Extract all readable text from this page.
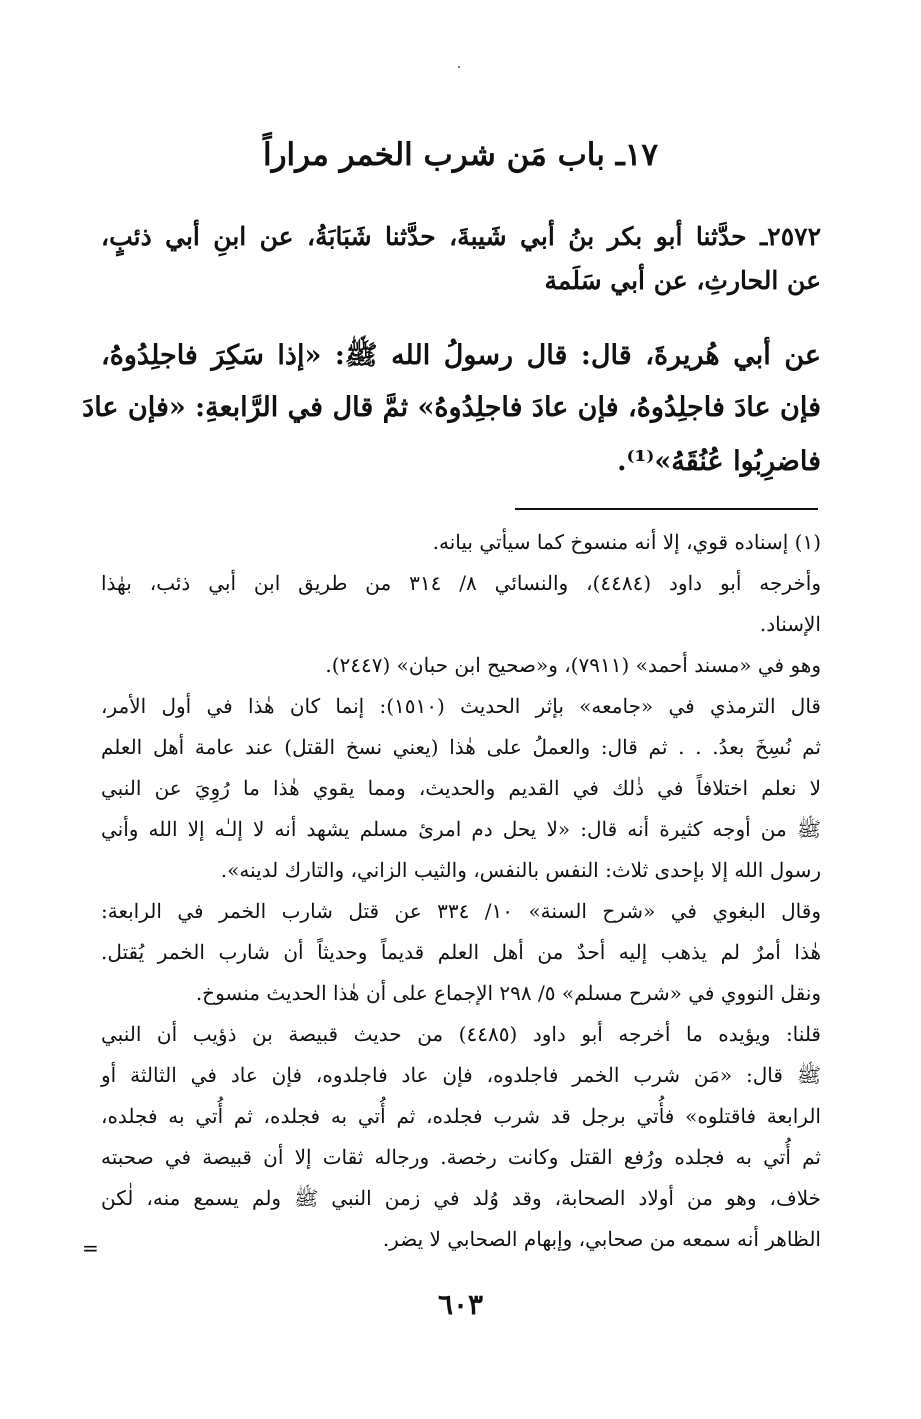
١٧ـ باب مَن شرب الخمر مراراً

٢٥٧٢ـ حدَّثنا أبو بكر بنُ أبي شَيبةَ، حدَّثنا شَبَابَةُ، عن ابنِ أبي ذئبٍ،

عن الحارثِ، عن أبي سَلَمة

عن أبي هُريرةَ، قال: قال رسولُ الله ﷺ: «إذا سَكِرَ فاجلِدُوهُ،

فإن عادَ فاجلِدُوهُ، فإن عادَ فاجلِدُوهُ» ثمَّ قال في الرَّابعةِ: «فإن عادَ

فاضرِبُوا عُنُقَهُ»⁽¹⁾.

(١) إسناده قوي، إلا أنه منسوخ كما سيأتي بيانه.

وأخرجه أبو داود (٤٤٨٤)، والنسائي ٨/ ٣١٤ من طريق ابن أبي ذئب، بهٰذا

الإسناد.

وهو في «مسند أحمد» (٧٩١١)، و«صحيح ابن حبان» (٢٤٤٧).

قال الترمذي في «جامعه» بإثر الحديث (١٥١٠): إنما كان هٰذا في أول الأمر،

ثم نُسِخَ بعدُ. . . ثم قال: والعملُ على هٰذا (يعني نسخ القتل) عند عامة أهل العلم

لا نعلم اختلافاً في ذٰلك في القديم والحديث، ومما يقوي هٰذا ما رُوِيَ عن النبي

ﷺ من أوجه كثيرة أنه قال: «لا يحل دم امرئ مسلم يشهد أنه لا إلـٰه إلا الله وأني

رسول الله إلا بإحدى ثلاث: النفس بالنفس، والثيب الزاني، والتارك لدينه».

وقال البغوي في «شرح السنة» ١٠/ ٣٣٤ عن قتل شارب الخمر في الرابعة:

هٰذا أمرٌ لم يذهب إليه أحدٌ من أهل العلم قديماً وحديثاً أن شارب الخمر يُقتل.

ونقل النووي في «شرح مسلم» ٥/ ٢٩٨ الإجماع على أن هٰذا الحديث منسوخ.

قلنا: ويؤيده ما أخرجه أبو داود (٤٤٨٥) من حديث قبيصة بن ذؤيب أن النبي

ﷺ قال: «مَن شرب الخمر فاجلدوه، فإن عاد فاجلدوه، فإن عاد في الثالثة أو

الرابعة فاقتلوه» فأُتي برجل قد شرب فجلده، ثم أُتي به فجلده، ثم أُتي به فجلده،

ثم أُتي به فجلده ورُفع القتل وكانت رخصة. ورجاله ثقات إلا أن قبيصة في صحبته

خلاف، وهو من أولاد الصحابة، وقد وُلد في زمن النبي ﷺ ولم يسمع منه، لٰكن

الظاهر أنه سمعه من صحابي، وإبهام الصحابي لا يضر.

=
٦٠٣
